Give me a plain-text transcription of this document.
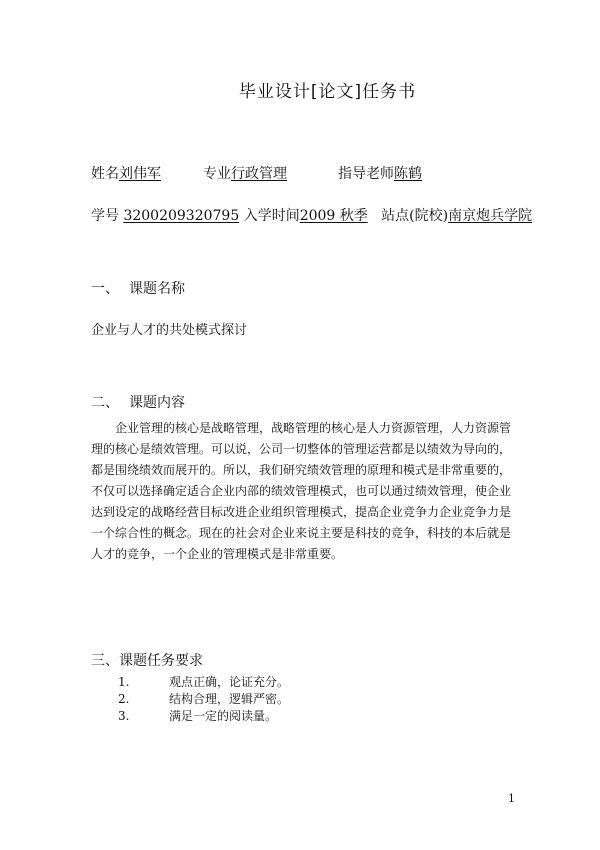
毕业设计[论文]任务书
姓名刘伟军	专业行政管理	指导老师陈鹤
学号 3200209320795 入学时间2009 秋季 站点(院校)南京炮兵学院
一、 课题名称
企业与人才的共处模式探讨
二、 课题内容
企业管理的核心是战略管理，战略管理的核心是人力资源管理，人力资源管理的核心是绩效管理。可以说，公司一切整体的管理运营都是以绩效为导向的，都是围绕绩效而展开的。所以，我们研究绩效管理的原理和模式是非常重要的，不仅可以选择确定适合企业内部的绩效管理模式，也可以通过绩效管理，使企业达到设定的战略经营目标改进企业组织管理模式，提高企业竞争力企业竞争力是一个综合性的概念。现在的社会对企业来说主要是科技的竞争，科技的本后就是人才的竞争，一个企业的管理模式是非常重要。
三、课题任务要求
1.	观点正确，论证充分。
2.	结构合理，逻辑严密。
3.	满足一定的阅读量。
1
